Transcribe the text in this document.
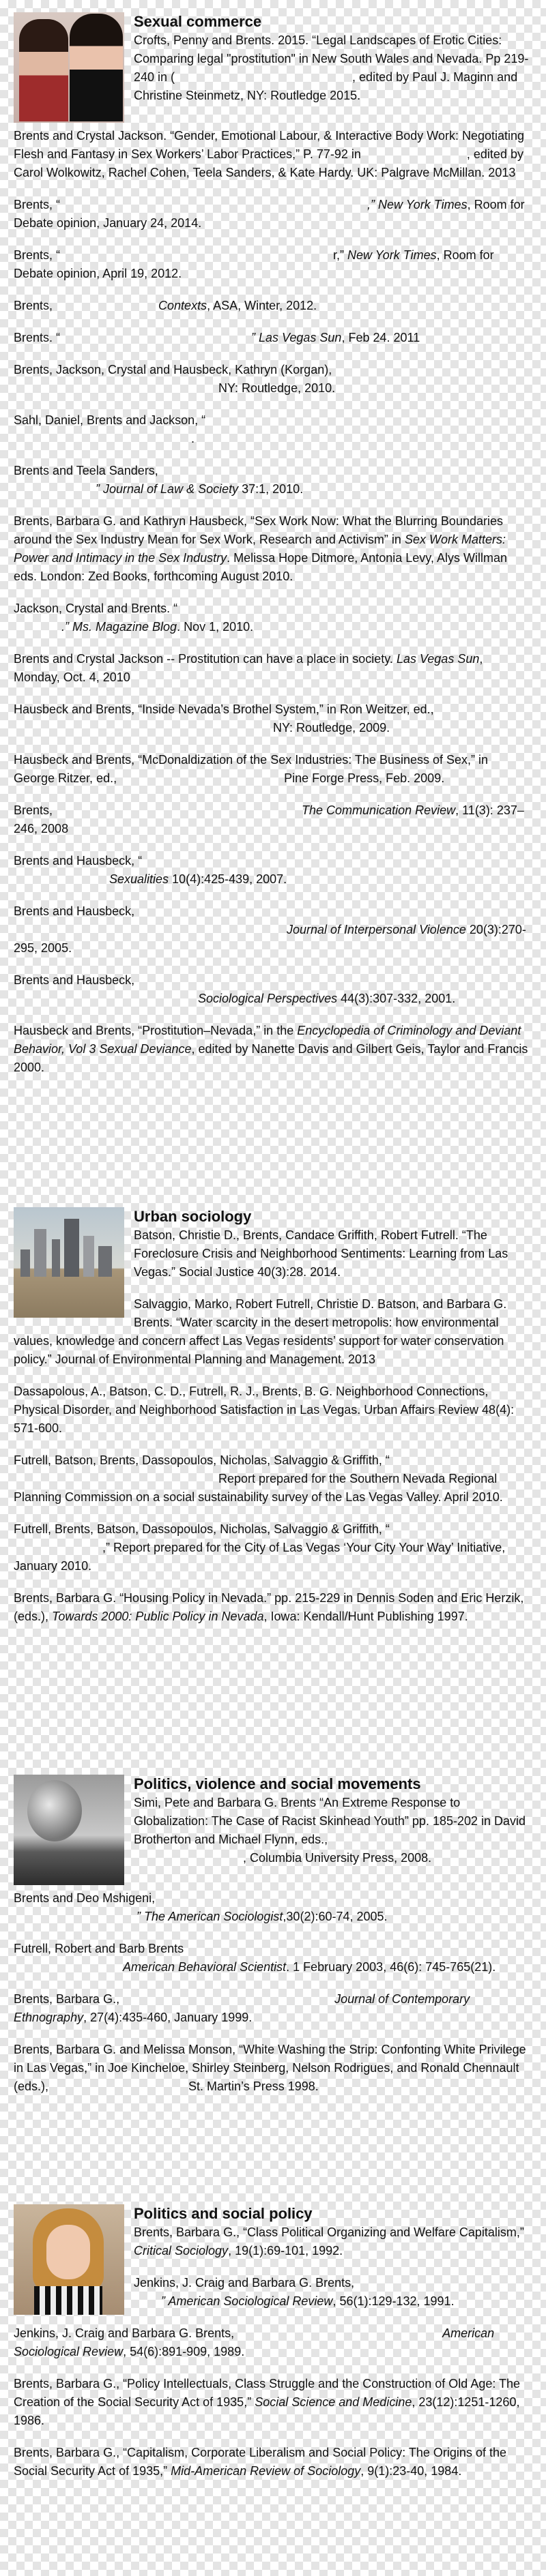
Sexual commerce

Crofts, Penny and Brents. 2015. “Legal Landscapes of Erotic Cities: Comparing legal "prostitution" in New South Wales and Nevada. Pp 219-240 in (	, edited by Paul J. Maginn and Christine Steinmetz, NY: Routledge 2015.

Brents and Crystal Jackson. “Gender, Emotional Labour, & Interactive Body Work: Negotiating Flesh and Fantasy in Sex Workers’ Labor Practices,” P. 77-92 in	, edited by Carol Wolkowitz, Rachel Cohen, Teela Sanders, & Kate Hardy. UK: Palgrave McMillan. 2013

Brents, “	,” New York Times, Room for Debate opinion, January 24, 2014.

Brents, “	r,” New York Times, Room for Debate opinion, April 19, 2012.

Brents,	Contexts, ASA, Winter, 2012.

Brents. “	” Las Vegas Sun, Feb 24. 2011

Brents, Jackson, Crystal and Hausbeck, Kathryn (Korgan), NY: Routledge, 2010.

Sahl, Daniel, Brents and Jackson, “
.

Brents and Teela Sanders,
” Journal of Law & Society 37:1, 2010.

Brents, Barbara G. and Kathryn Hausbeck, “Sex Work Now: What the Blurring Boundaries around the Sex Industry Mean for Sex Work, Research and Activism” in Sex Work Matters: Power and Intimacy in the Sex Industry. Melissa Hope Ditmore, Antonia Levy, Alys Willman eds. London: Zed Books, forthcoming August 2010.

Jackson, Crystal and Brents. “
.” Ms. Magazine Blog. Nov 1, 2010.

Brents and Crystal Jackson -- Prostitution can have a place in society. Las Vegas Sun, Monday, Oct. 4, 2010

Hausbeck and Brents, “Inside Nevada’s Brothel System,” in Ron Weitzer, ed., NY: Routledge, 2009.

Hausbeck and Brents, “McDonaldization of the Sex Industries: The Business of Sex,” in George Ritzer, ed.,	Pine Forge Press, Feb. 2009.

Brents,	The Communication Review, 11(3): 237–246, 2008

Brents and Hausbeck, “
Sexualities 10(4):425-439, 2007.

Brents and Hausbeck,
Journal of Interpersonal Violence 20(3):270-295, 2005.

Brents and Hausbeck,
Sociological Perspectives 44(3):307-332, 2001.

Hausbeck and Brents, “Prostitution–Nevada,” in the Encyclopedia of Criminology and Deviant Behavior, Vol 3 Sexual Deviance, edited by Nanette Davis and Gilbert Geis, Taylor and Francis 2000.

Urban sociology

Batson, Christie D., Brents, Candace Griffith, Robert Futrell. “The Foreclosure Crisis and Neighborhood Sentiments: Learning from Las Vegas.” Social Justice 40(3):28. 2014.

Salvaggio, Marko, Robert Futrell, Christie D. Batson, and Barbara G. Brents. “Water scarcity in the desert metropolis: how environmental values, knowledge and concern affect Las Vegas residents’ support for water conservation policy.” Journal of Environmental Planning and Management. 2013

Dassapolous, A., Batson, C. D., Futrell, R. J., Brents, B. G. Neighborhood Connections, Physical Disorder, and Neighborhood Satisfaction in Las Vegas. Urban Affairs Review 48(4): 571-600.

Futrell, Batson, Brents, Dassopoulos, Nicholas, Salvaggio & Griffith, “
Report prepared for the Southern Nevada Regional Planning Commission on a social sustainability survey of the Las Vegas Valley. April 2010.

Futrell, Brents, Batson, Dassopoulos, Nicholas, Salvaggio & Griffith, “
,” Report prepared for the City of Las Vegas ‘Your City Your Way’ Initiative, January 2010.

Brents, Barbara G. “Housing Policy in Nevada.” pp. 215-229 in Dennis Soden and Eric Herzik, (eds.), Towards 2000: Public Policy in Nevada, Iowa: Kendall/Hunt Publishing 1997.

Politics, violence and social movements

Simi, Pete and Barbara G. Brents “An Extreme Response to Globalization: The Case of Racist Skinhead Youth” pp. 185-202 in David Brotherton and Michael Flynn, eds.,
, Columbia University Press, 2008.

Brents and Deo Mshigeni,
” The American Sociologist,30(2):60-74, 2005.

Futrell, Robert and Barb Brents
American Behavioral Scientist. 1 February 2003, 46(6): 745-765(21).

Brents, Barbara G.,	Journal of Contemporary Ethnography, 27(4):435-460, January 1999.

Brents, Barbara G. and Melissa Monson, “White Washing the Strip: Confonting White Privilege in Las Vegas,” in Joe Kincheloe, Shirley Steinberg, Nelson Rodrigues, and Ronald Chennault (eds.),	St. Martin’s Press 1998.

Politics and social policy

Brents, Barbara G., “Class Political Organizing and Welfare Capitalism,” Critical Sociology, 19(1):69-101, 1992.

Jenkins, J. Craig and Barbara G. Brents,
” American Sociological Review, 56(1):129-132, 1991.

Jenkins, J. Craig and Barbara G. Brents,	American Sociological Review, 54(6):891-909, 1989.

Brents, Barbara G., “Policy Intellectuals, Class Struggle and the Construction of Old Age: The Creation of the Social Security Act of 1935,” Social Science and Medicine, 23(12):1251-1260, 1986.

Brents, Barbara G., “Capitalism, Corporate Liberalism and Social Policy: The Origins of the Social Security Act of 1935,” Mid-American Review of Sociology, 9(1):23-40, 1984.
